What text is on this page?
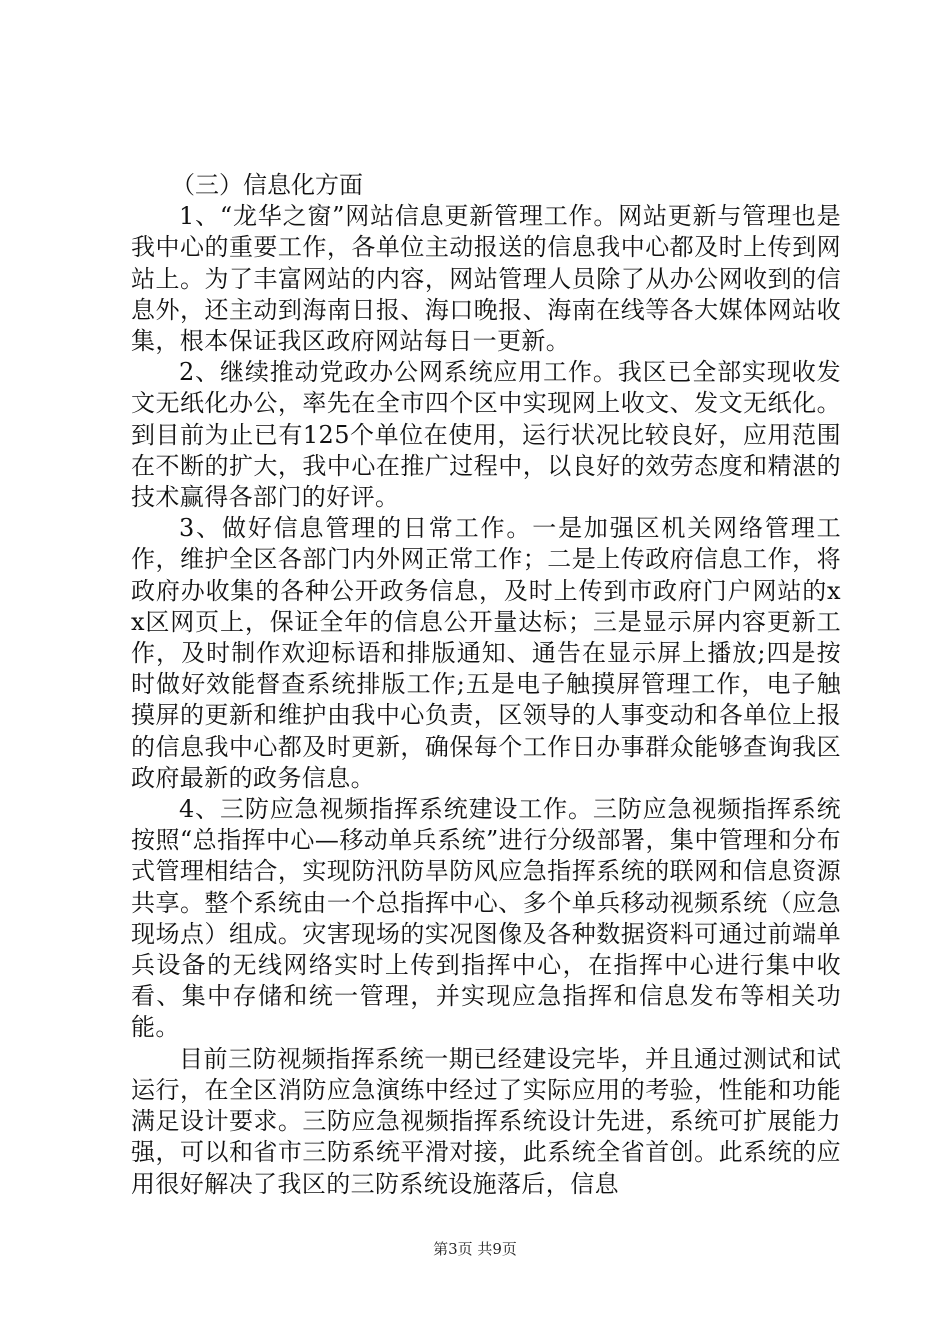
（三）信息化方面

1、“龙华之窗”网站信息更新管理工作。网站更新与管理也是我中心的重要工作，各单位主动报送的信息我中心都及时上传到网站上。为了丰富网站的内容，网站管理人员除了从办公网收到的信息外，还主动到海南日报、海口晚报、海南在线等各大媒体网站收集，根本保证我区政府网站每日一更新。

2、继续推动党政办公网系统应用工作。我区已全部实现收发文无纸化办公，率先在全市四个区中实现网上收文、发文无纸化。到目前为止已有125个单位在使用，运行状况比较良好，应用范围在不断的扩大，我中心在推广过程中，以良好的效劳态度和精湛的技术赢得各部门的好评。

3、做好信息管理的日常工作。一是加强区机关网络管理工作，维护全区各部门内外网正常工作；二是上传政府信息工作，将政府办收集的各种公开政务信息，及时上传到市政府门户网站的xx区网页上，保证全年的信息公开量达标；三是显示屏内容更新工作，及时制作欢迎标语和排版通知、通告在显示屏上播放;四是按时做好效能督查系统排版工作;五是电子触摸屏管理工作，电子触摸屏的更新和维护由我中心负责，区领导的人事变动和各单位上报的信息我中心都及时更新，确保每个工作日办事群众能够查询我区政府最新的政务信息。

4、三防应急视频指挥系统建设工作。三防应急视频指挥系统按照“总指挥中心—移动单兵系统”进行分级部署，集中管理和分布式管理相结合，实现防汛防旱防风应急指挥系统的联网和信息资源共享。整个系统由一个总指挥中心、多个单兵移动视频系统（应急现场点）组成。灾害现场的实况图像及各种数据资料可通过前端单兵设备的无线网络实时上传到指挥中心，在指挥中心进行集中收看、集中存储和统一管理，并实现应急指挥和信息发布等相关功能。

目前三防视频指挥系统一期已经建设完毕，并且通过测试和试运行，在全区消防应急演练中经过了实际应用的考验，性能和功能满足设计要求。三防应急视频指挥系统设计先进，系统可扩展能力强，可以和省市三防系统平滑对接，此系统全省首创。此系统的应用很好解决了我区的三防系统设施落后，信息

第3页 共9页
